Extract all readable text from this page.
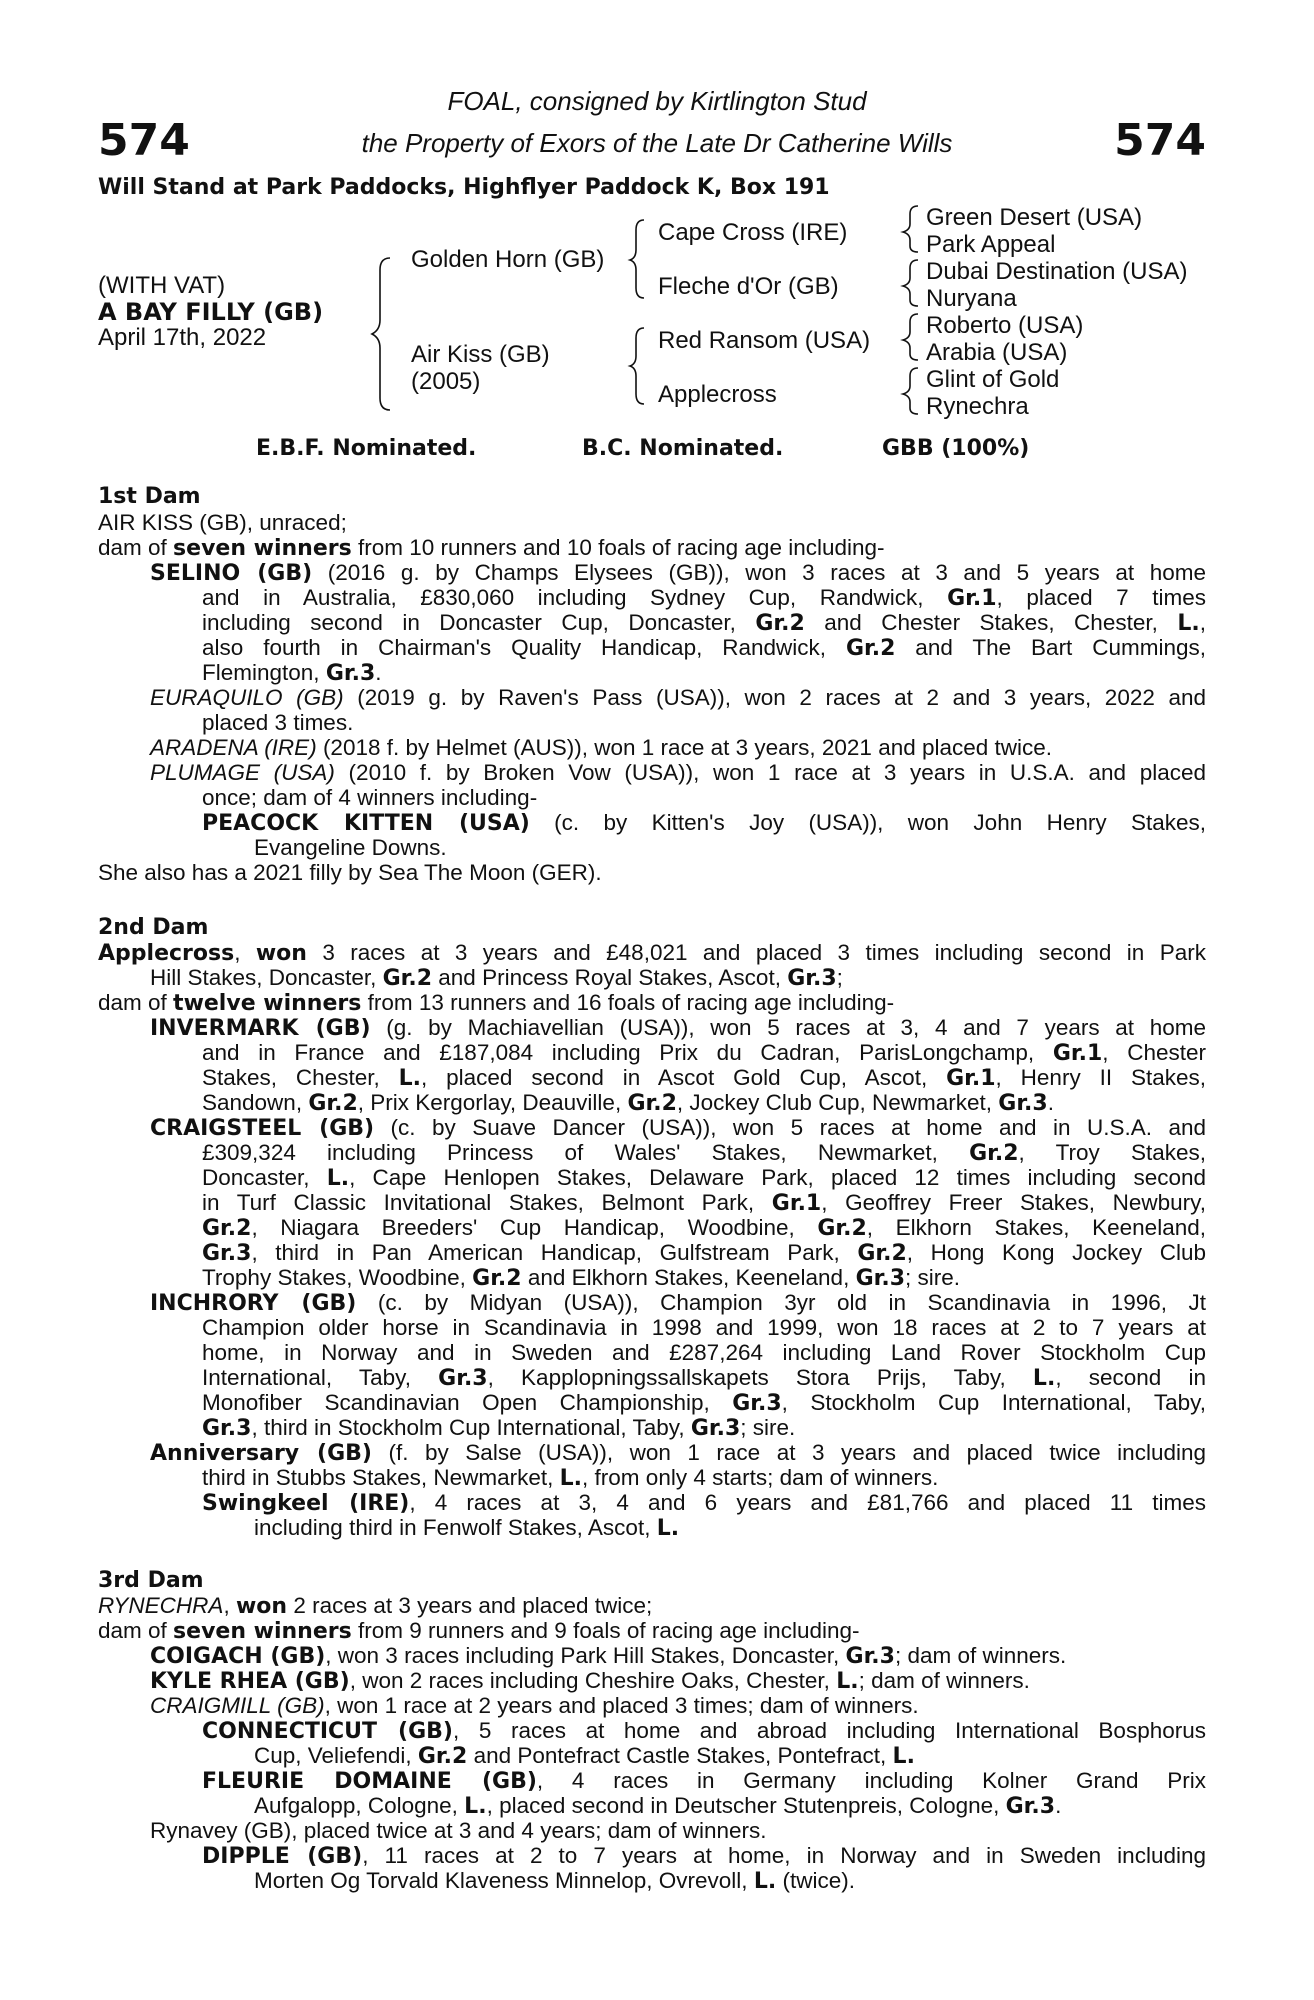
574	574
FOAL, consigned by Kirtlington Stud
the Property of Exors of the Late Dr Catherine Wills
Will Stand at Park Paddocks, Highflyer Paddock K, Box 191
(WITH VAT)
A BAY FILLY (GB)
April 17th, 2022
Golden Horn (GB)
Air Kiss (GB)
(2005)
Cape Cross (IRE)
Fleche d'Or (GB)
Red Ransom (USA)
Applecross
Green Desert (USA)
Park Appeal
Dubai Destination (USA)
Nuryana
Roberto (USA)
Arabia (USA)
Glint of Gold
Rynechra
E.B.F. Nominated.	B.C. Nominated.	GBB (100%)
1st Dam
AIR KISS (GB), unraced;
dam of seven winners from 10 runners and 10 foals of racing age including-
SELINO (GB) (2016 g. by Champs Elysees (GB)), won 3 races at 3 and 5 years at home
and in Australia, £830,060 including Sydney Cup, Randwick, Gr.1, placed 7 times
including second in Doncaster Cup, Doncaster, Gr.2 and Chester Stakes, Chester, L.,
also fourth in Chairman's Quality Handicap, Randwick, Gr.2 and The Bart Cummings,
Flemington, Gr.3.
EURAQUILO (GB) (2019 g. by Raven's Pass (USA)), won 2 races at 2 and 3 years, 2022 and
placed 3 times.
ARADENA (IRE) (2018 f. by Helmet (AUS)), won 1 race at 3 years, 2021 and placed twice.
PLUMAGE (USA) (2010 f. by Broken Vow (USA)), won 1 race at 3 years in U.S.A. and placed
once; dam of 4 winners including-
PEACOCK KITTEN (USA) (c. by Kitten's Joy (USA)), won John Henry Stakes,
Evangeline Downs.
She also has a 2021 filly by Sea The Moon (GER).
2nd Dam
Applecross, won 3 races at 3 years and £48,021 and placed 3 times including second in Park
Hill Stakes, Doncaster, Gr.2 and Princess Royal Stakes, Ascot, Gr.3;
dam of twelve winners from 13 runners and 16 foals of racing age including-
INVERMARK (GB) (g. by Machiavellian (USA)), won 5 races at 3, 4 and 7 years at home
and in France and £187,084 including Prix du Cadran, ParisLongchamp, Gr.1, Chester
Stakes, Chester, L., placed second in Ascot Gold Cup, Ascot, Gr.1, Henry II Stakes,
Sandown, Gr.2, Prix Kergorlay, Deauville, Gr.2, Jockey Club Cup, Newmarket, Gr.3.
CRAIGSTEEL (GB) (c. by Suave Dancer (USA)), won 5 races at home and in U.S.A. and
£309,324 including Princess of Wales' Stakes, Newmarket, Gr.2, Troy Stakes,
Doncaster, L., Cape Henlopen Stakes, Delaware Park, placed 12 times including second
in Turf Classic Invitational Stakes, Belmont Park, Gr.1, Geoffrey Freer Stakes, Newbury,
Gr.2, Niagara Breeders' Cup Handicap, Woodbine, Gr.2, Elkhorn Stakes, Keeneland,
Gr.3, third in Pan American Handicap, Gulfstream Park, Gr.2, Hong Kong Jockey Club
Trophy Stakes, Woodbine, Gr.2 and Elkhorn Stakes, Keeneland, Gr.3; sire.
INCHRORY (GB) (c. by Midyan (USA)), Champion 3yr old in Scandinavia in 1996, Jt
Champion older horse in Scandinavia in 1998 and 1999, won 18 races at 2 to 7 years at
home, in Norway and in Sweden and £287,264 including Land Rover Stockholm Cup
International, Taby, Gr.3, Kapplopningssallskapets Stora Prijs, Taby, L., second in
Monofiber Scandinavian Open Championship, Gr.3, Stockholm Cup International, Taby,
Gr.3, third in Stockholm Cup International, Taby, Gr.3; sire.
Anniversary (GB) (f. by Salse (USA)), won 1 race at 3 years and placed twice including
third in Stubbs Stakes, Newmarket, L., from only 4 starts; dam of winners.
Swingkeel (IRE), 4 races at 3, 4 and 6 years and £81,766 and placed 11 times
including third in Fenwolf Stakes, Ascot, L.
3rd Dam
RYNECHRA, won 2 races at 3 years and placed twice;
dam of seven winners from 9 runners and 9 foals of racing age including-
COIGACH (GB), won 3 races including Park Hill Stakes, Doncaster, Gr.3; dam of winners.
KYLE RHEA (GB), won 2 races including Cheshire Oaks, Chester, L.; dam of winners.
CRAIGMILL (GB), won 1 race at 2 years and placed 3 times; dam of winners.
CONNECTICUT (GB), 5 races at home and abroad including International Bosphorus
Cup, Veliefendi, Gr.2 and Pontefract Castle Stakes, Pontefract, L.
FLEURIE DOMAINE (GB), 4 races in Germany including Kolner Grand Prix
Aufgalopp, Cologne, L., placed second in Deutscher Stutenpreis, Cologne, Gr.3.
Rynavey (GB), placed twice at 3 and 4 years; dam of winners.
DIPPLE (GB), 11 races at 2 to 7 years at home, in Norway and in Sweden including
Morten Og Torvald Klaveness Minnelop, Ovrevoll, L. (twice).
